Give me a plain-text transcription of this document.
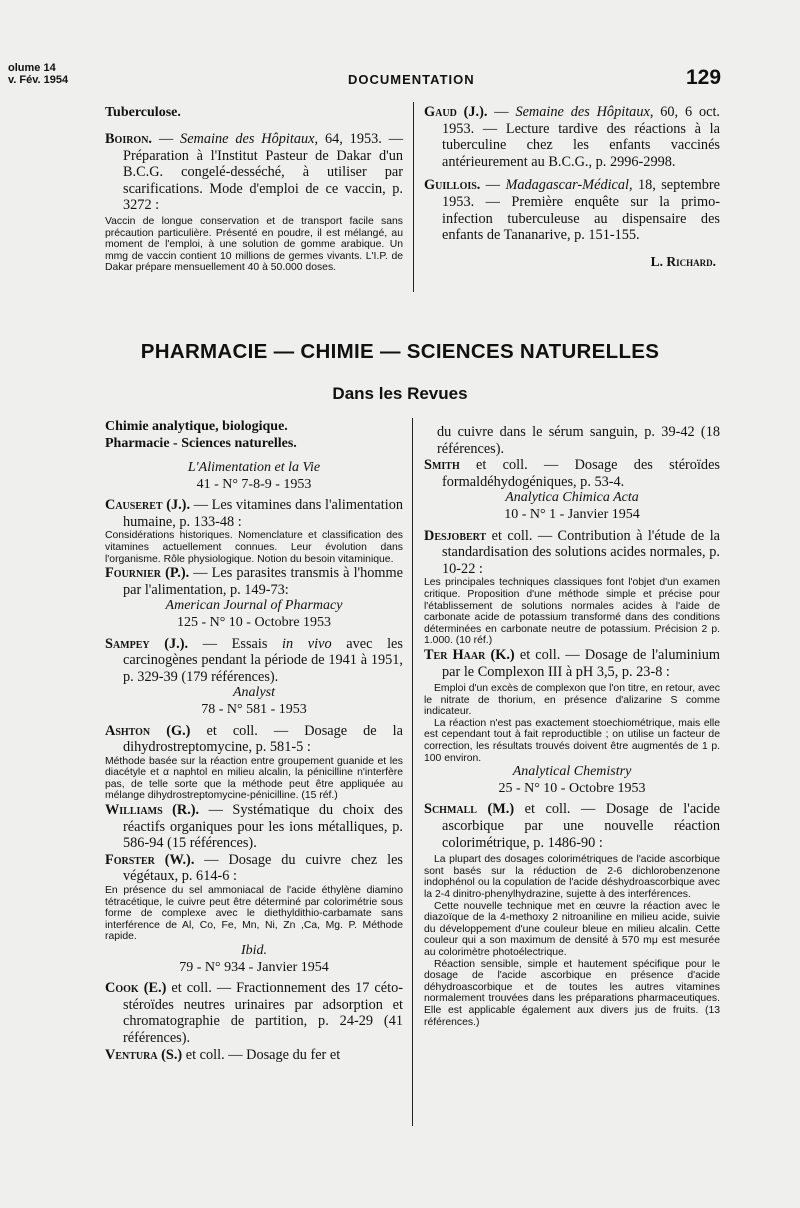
olume 14
v. Fév. 1954	DOCUMENTATION	129

Tuberculose.

Boiron. — Semaine des Hôpitaux, 64, 1953. — Préparation à l'Institut Pasteur de Dakar d'un B.C.G. congelé-desséché, à utiliser par scarifications. Mode d'emploi de ce vaccin, p. 3272 :

Vaccin de longue conservation et de transport facile sans précaution particulière. Présenté en poudre, il est mélangé, au moment de l'emploi, à une solution de gomme arabique. Un mmg de vaccin contient 10 millions de germes vivants. L'I.P. de Dakar prépare mensuellement 40 à 50.000 doses.

Gaud (J.). — Semaine des Hôpitaux, 60, 6 oct. 1953. — Lecture tardive des réactions à la tuberculine chez les enfants vaccinés antérieurement au B.C.G., p. 2996-2998.

Guillois. — Madagascar-Médical, 18, septembre 1953. — Première enquête sur la primo-infection tuberculeuse au dispensaire des enfants de Tananarive, p. 151-155.

L. Richard.
PHARMACIE — CHIMIE — SCIENCES NATURELLES
Dans les Revues

Chimie analytique, biologique.

Pharmacie - Sciences naturelles.

L'Alimentation et la Vie

41 - N° 7-8-9 - 1953

Causeret (J.). — Les vitamines dans l'alimentation humaine, p. 133-48 :

Considérations historiques. Nomenclature et classification des vitamines actuellement connues. Leur évolution dans l'organisme. Rôle physiologique. Notion du besoin vitaminique.

Fournier (P.). — Les parasites transmis à l'homme par l'alimentation, p. 149-73:

American Journal of Pharmacy

125 - N° 10 - Octobre 1953

Sampey (J.). — Essais in vivo avec les carcinogènes pendant la période de 1941 à 1951, p. 329-39 (179 références).

Analyst

78 - N° 581 - 1953

Ashton (G.) et coll. — Dosage de la dihydrostreptomycine, p. 581-5 :

Méthode basée sur la réaction entre groupement guanide et les diacétyle et α naphtol en milieu alcalin, la pénicilline n'interfère pas, de telle sorte que la méthode peut être appliquée au mélange dihydrostreptomycine-pénicilline. (15 réf.)

Williams (R.). — Systématique du choix des réactifs organiques pour les ions métalliques, p. 586-94 (15 références).

Forster (W.). — Dosage du cuivre chez les végétaux, p. 614-6 :

En présence du sel ammoniacal de l'acide éthylène diamino tétracétique, le cuivre peut être déterminé par colorimétrie sous forme de complexe avec le diethyldithio-carbamate sans interférence de Al, Co, Fe, Mn, Ni, Zn ,Ca, Mg. P. Méthode rapide.

Ibid.

79 - N° 934 - Janvier 1954

Cook (E.) et coll. — Fractionnement des 17 céto-stéroïdes neutres urinaires par adsorption et chromatographie de partition, p. 24-29 (41 références).

Ventura (S.) et coll. — Dosage du fer et

du cuivre dans le sérum sanguin, p. 39-42 (18 références).

Smith et coll. — Dosage des stéroïdes formaldéhydogéniques, p. 53-4.

Analytica Chimica Acta

10 - N° 1 - Janvier 1954

Desjobert et coll. — Contribution à l'étude de la standardisation des solutions acides normales, p. 10-22 :

Les principales techniques classiques font l'objet d'un examen critique. Proposition d'une méthode simple et précise pour l'établissement de solutions normales acides à l'aide de carbonate acide de potassium transformé dans des conditions déterminées en carbonate neutre de potassium. Précision 2 p. 1.000. (10 réf.)

Ter Haar (K.) et coll. — Dosage de l'aluminium par le Complexon III à pH 3,5, p. 23-8 :

Emploi d'un excès de complexon que l'on titre, en retour, avec le nitrate de thorium, en présence d'alizarine S comme indicateur.

La réaction n'est pas exactement stoechiométrique, mais elle est cependant tout à fait reproductible ; on utilise un facteur de correction, les résultats trouvés doivent être augmentés de 1 p. 100 environ.

Analytical Chemistry

25 - N° 10 - Octobre 1953

Schmall (M.) et coll. — Dosage de l'acide ascorbique par une nouvelle réaction colorimétrique, p. 1486-90 :

La plupart des dosages colorimétriques de l'acide ascorbique sont basés sur la réduction de 2-6 dichlorobenzenone indophénol ou la copulation de l'acide déshydroascorbique avec la 2-4 dinitro-phenylhydrazine, sujette à des interférences.

Cette nouvelle technique met en œuvre la réaction avec le diazoïque de la 4-methoxy 2 nitroaniline en milieu acide, suivie du développement d'une couleur bleue en milieu alcalin. Cette couleur qui a son maximum de densité à 570 mμ est mesurée au colorimètre photoélectrique.

Réaction sensible, simple et hautement spécifique pour le dosage de l'acide ascorbique en présence d'acide déhydroascorbique et de toutes les autres vitamines normalement trouvées dans les préparations pharmaceutiques. Elle est applicable également aux divers jus de fruits. (13 références.)
